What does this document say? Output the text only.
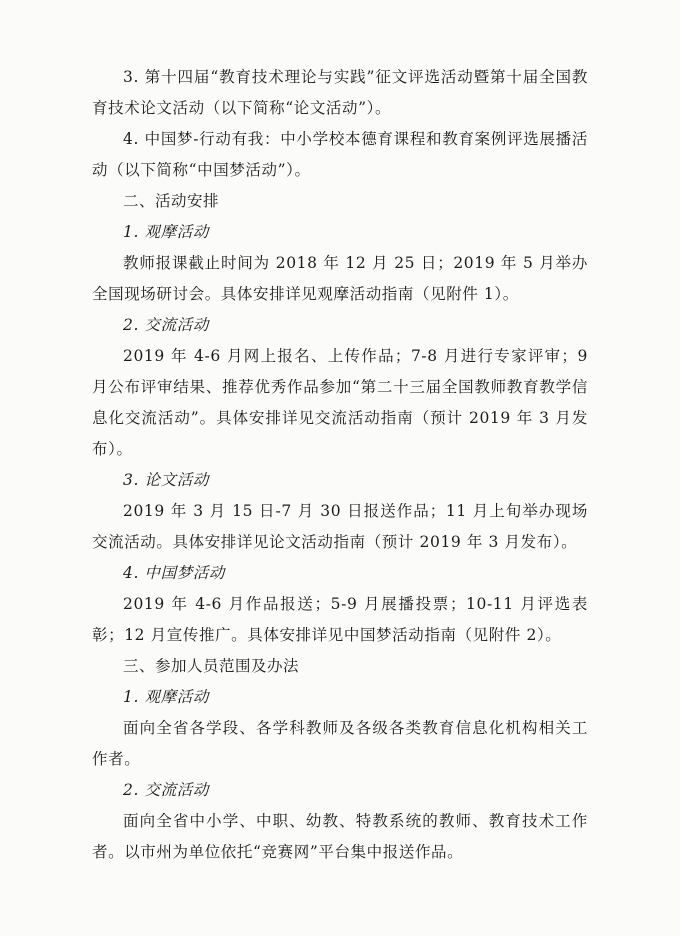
3. 第十四届“教育技术理论与实践”征文评选活动暨第十届全国教育技术论文活动（以下简称“论文活动”）。

4. 中国梦-行动有我：中小学校本德育课程和教育案例评选展播活动（以下简称“中国梦活动”）。

二、活动安排

1. 观摩活动

教师报课截止时间为 2018 年 12 月 25 日；2019 年 5 月举办全国现场研讨会。具体安排详见观摩活动指南（见附件 1）。

2. 交流活动

2019 年 4-6 月网上报名、上传作品；7-8 月进行专家评审；9 月公布评审结果、推荐优秀作品参加“第二十三届全国教师教育教学信息化交流活动”。具体安排详见交流活动指南（预计 2019 年 3 月发布）。

3. 论文活动

2019 年 3 月 15 日-7 月 30 日报送作品；11 月上旬举办现场交流活动。具体安排详见论文活动指南（预计 2019 年 3 月发布）。

4. 中国梦活动

2019 年 4-6 月作品报送；5-9 月展播投票；10-11 月评选表彰；12 月宣传推广。具体安排详见中国梦活动指南（见附件 2）。

三、参加人员范围及办法

1. 观摩活动

面向全省各学段、各学科教师及各级各类教育信息化机构相关工作者。

2. 交流活动

面向全省中小学、中职、幼教、特教系统的教师、教育技术工作者。以市州为单位依托“竞赛网”平台集中报送作品。
